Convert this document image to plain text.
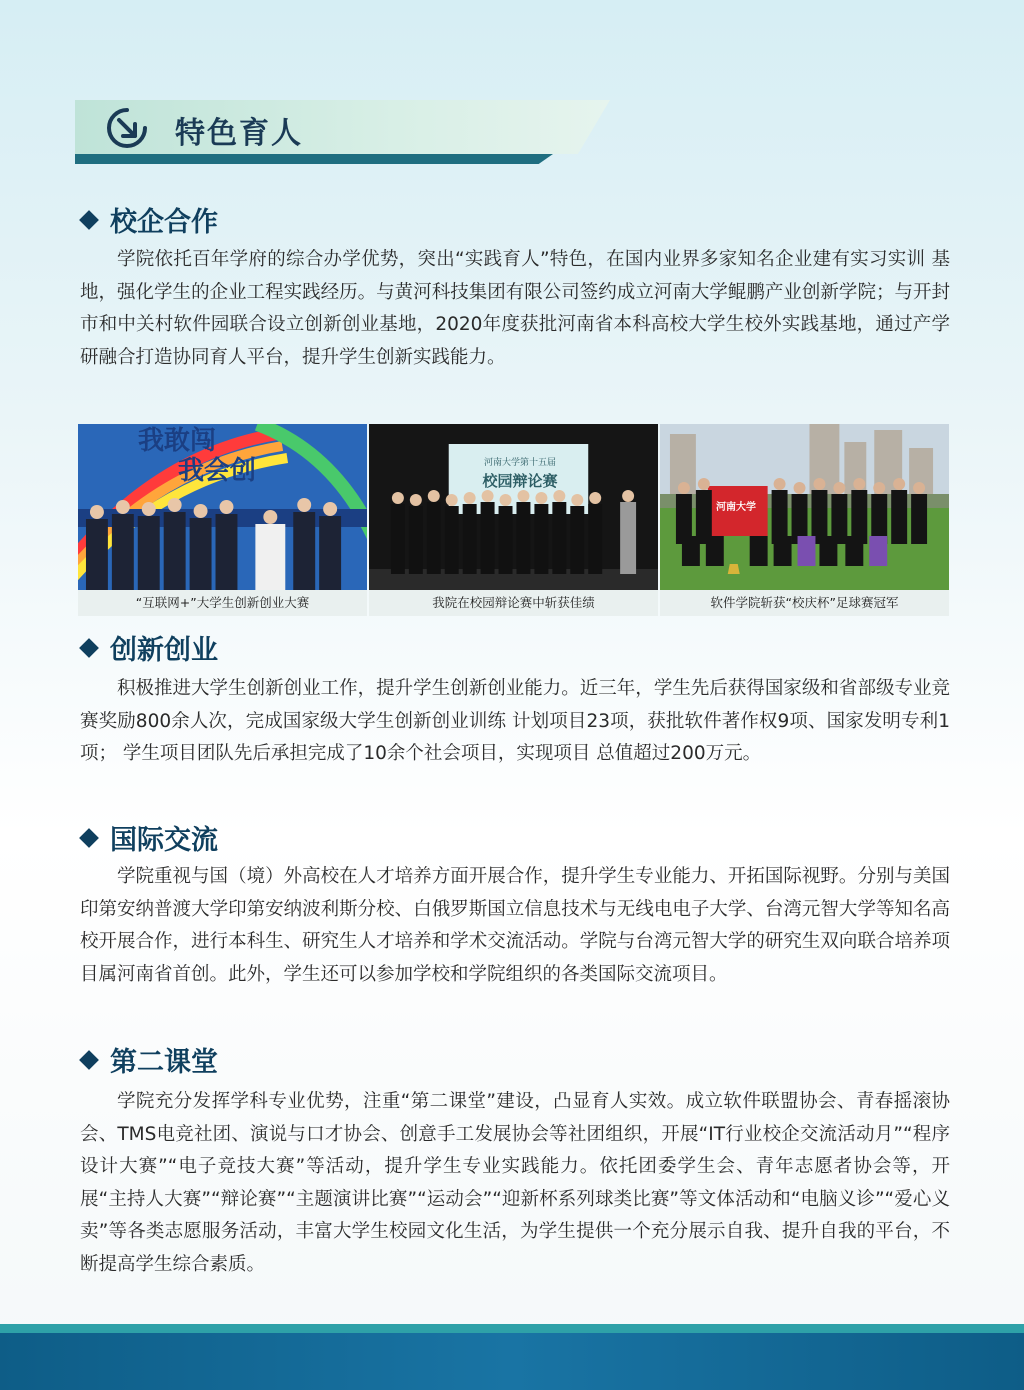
特色育人
校企合作
学院依托百年学府的综合办学优势，突出“实践育人”特色，在国内业界多家知名企业建有实习实训 基地，强化学生的企业工程实践经历。与黄河科技集团有限公司签约成立河南大学鲲鹏产业创新学院；与开封市和中关村软件园联合设立创新创业基地，2020年度获批河南省本科高校大学生校外实践基地，通过产学研融合打造协同育人平台，提升学生创新实践能力。
我敢闯
我会创
“互联网+”大学生创新创业大赛
河南大学第十五届
校园辩论赛
我院在校园辩论赛中斩获佳绩
河南大学
软件学院斩获“校庆杯”足球赛冠军
创新创业
积极推进大学生创新创业工作，提升学生创新创业能力。近三年，学生先后获得国家级和省部级专业竞赛奖励800余人次，完成国家级大学生创新创业训练 计划项目23项，获批软件著作权9项、国家发明专利1项； 学生项目团队先后承担完成了10余个社会项目，实现项目 总值超过200万元。
国际交流
学院重视与国（境）外高校在人才培养方面开展合作，提升学生专业能力、开拓国际视野。分别与美国印第安纳普渡大学印第安纳波利斯分校、白俄罗斯国立信息技术与无线电电子大学、台湾元智大学等知名高校开展合作，进行本科生、研究生人才培养和学术交流活动。学院与台湾元智大学的研究生双向联合培养项目属河南省首创。此外，学生还可以参加学校和学院组织的各类国际交流项目。
第二课堂
学院充分发挥学科专业优势，注重“第二课堂”建设，凸显育人实效。成立软件联盟协会、青春摇滚协会、TMS电竞社团、演说与口才协会、创意手工发展协会等社团组织，开展“IT行业校企交流活动月”“程序设计大赛”“电子竞技大赛”等活动，提升学生专业实践能力。依托团委学生会、青年志愿者协会等，开展“主持人大赛”“辩论赛”“主题演讲比赛”“运动会”“迎新杯系列球类比赛”等文体活动和“电脑义诊”“爱心义卖”等各类志愿服务活动，丰富大学生校园文化生活，为学生提供一个充分展示自我、提升自我的平台，不断提高学生综合素质。
